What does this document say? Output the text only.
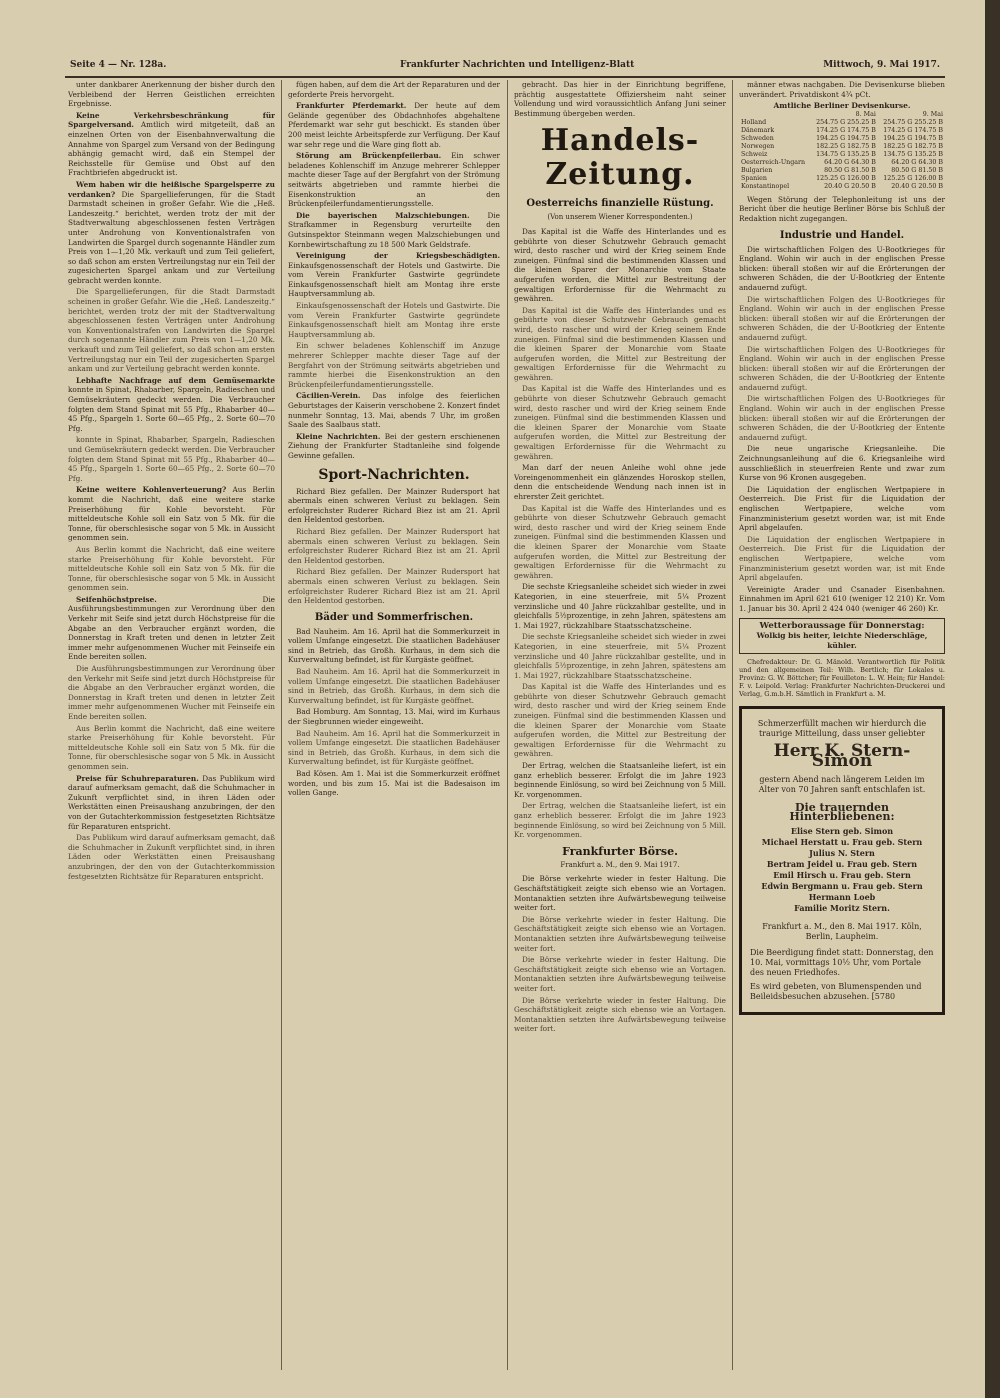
Seite 4 — Nr. 128a.	Frankfurter Nachrichten und Intelligenz-Blatt	Mittwoch, 9. Mai 1917.

unter dankbarer Anerkennung der bisher durch den Verbleibend der Herren Geistlichen erreichten Ergebnisse.

Keine Verkehrsbeschränkung für Spargelversand. Amtlich wird mitgeteilt, daß an einzelnen Orten von der Eisenbahnverwaltung die Annahme von Spargel zum Versand von der Bedingung abhängig gemacht wird, daß ein Stempel der Reichsstelle für Gemüse und Obst auf den Frachtbriefen abgedruckt ist.

Wem haben wir die heißische Spargelsperre zu verdanken? Die Spargellieferungen, für die Stadt Darmstadt scheinen in großer Gefahr. Wie die „Heß. Landeszeitg.“ berichtet, werden trotz der mit der Stadtverwaltung abgeschlossenen festen Verträgen unter Androhung von Konventionalstrafen von Landwirten die Spargel durch sogenannte Händler zum Preis von 1—1,20 Mk. verkauft und zum Teil geliefert, so daß schon am ersten Vertreilungstag nur ein Teil der zugesicherten Spargel ankam und zur Verteilung gebracht werden konnte.

Die Spargellieferungen, für die Stadt Darmstadt scheinen in großer Gefahr. Wie die „Heß. Landeszeitg.“ berichtet, werden trotz der mit der Stadtverwaltung abgeschlossenen festen Verträgen unter Androhung von Konventionalstrafen von Landwirten die Spargel durch sogenannte Händler zum Preis von 1—1,20 Mk. verkauft und zum Teil geliefert, so daß schon am ersten Vertreilungstag nur ein Teil der zugesicherten Spargel ankam und zur Verteilung gebracht werden konnte.

Lebhafte Nachfrage auf dem Gemüsemarkte konnte in Spinat, Rhabarber, Spargeln, Radieschen und Gemüsekräutern gedeckt werden. Die Verbraucher folgten dem Stand Spinat mit 55 Pfg., Rhabarber 40—45 Pfg., Spargeln 1. Sorte 60—65 Pfg., 2. Sorte 60—70 Pfg.

konnte in Spinat, Rhabarber, Spargeln, Radieschen und Gemüsekräutern gedeckt werden. Die Verbraucher folgten dem Stand Spinat mit 55 Pfg., Rhabarber 40—45 Pfg., Spargeln 1. Sorte 60—65 Pfg., 2. Sorte 60—70 Pfg.

Keine weitere Kohlenverteuerung? Aus Berlin kommt die Nachricht, daß eine weitere starke Preiserhöhung für Kohle bevorsteht. Für mitteldeutsche Kohle soll ein Satz von 5 Mk. für die Tonne, für oberschlesische sogar von 5 Mk. in Aussicht genommen sein.

Aus Berlin kommt die Nachricht, daß eine weitere starke Preiserhöhung für Kohle bevorsteht. Für mitteldeutsche Kohle soll ein Satz von 5 Mk. für die Tonne, für oberschlesische sogar von 5 Mk. in Aussicht genommen sein.

Seifenhöchstpreise.	Die Ausführungsbestimmungen zur Verordnung über den Verkehr mit Seife sind jetzt durch Höchstpreise für die Abgabe an den Verbraucher ergänzt worden, die Donnerstag in Kraft treten und denen in letzter Zeit immer mehr aufgenommenen Wucher mit Feinseife ein Ende bereiten sollen.

Die Ausführungsbestimmungen zur Verordnung über den Verkehr mit Seife sind jetzt durch Höchstpreise für die Abgabe an den Verbraucher ergänzt worden, die Donnerstag in Kraft treten und denen in letzter Zeit immer mehr aufgenommenen Wucher mit Feinseife ein Ende bereiten sollen.

Aus Berlin kommt die Nachricht, daß eine weitere starke Preiserhöhung für Kohle bevorsteht. Für mitteldeutsche Kohle soll ein Satz von 5 Mk. für die Tonne, für oberschlesische sogar von 5 Mk. in Aussicht genommen sein.

Preise für Schuhreparaturen. Das Publikum wird darauf aufmerksam gemacht, daß die Schuhmacher in Zukunft verpflichtet sind, in ihren Läden oder Werkstätten einen Preisaushang anzubringen, der den von der Gutachterkommission festgesetzten Richtsätze für Reparaturen entspricht.

Das Publikum wird darauf aufmerksam gemacht, daß die Schuhmacher in Zukunft verpflichtet sind, in ihren Läden oder Werkstätten einen Preisaushang anzubringen, der den von der Gutachterkommission festgesetzten Richtsätze für Reparaturen entspricht.

fügen haben, auf dem die Art der Reparaturen und der geforderte Preis hervorgeht.

Frankfurter Pferdemarkt. Der heute auf dem Gelände gegenüber des Obdachnhofes abgehaltene Pferdemarkt war sehr gut beschickt. Es standen über 200 meist leichte Arbeitspferde zur Verfügung. Der Kauf war sehr rege und die Ware ging flott ab.

Störung am Brückenpfeilerbau. Ein schwer beladenes Kohlenschiff im Anzuge mehrerer Schlepper machte dieser Tage auf der Bergfahrt von der Strömung seitwärts abgetrieben und rammte hierbei die Eisenkonstruktion an den Brückenpfeilerfundamentierungsstelle.

Die bayerischen Malzschiebungen. Die Strafkammer in Regensburg verurteilte den Gutsinspektor Steinmann wegen Malzschiebungen und Kornbewirtschaftung zu 18 500 Mark Geldstrafe.

Vereinigung der Kriegsbeschädigten. Einkaufsgenossenschaft der Hotels und Gastwirte. Die vom Verein Frankfurter Gastwirte gegründete Einkaufsgenossenschaft hielt am Montag ihre erste Hauptversammlung ab.

Einkaufsgenossenschaft der Hotels und Gastwirte. Die vom Verein Frankfurter Gastwirte gegründete Einkaufsgenossenschaft hielt am Montag ihre erste Hauptversammlung ab.

Ein schwer beladenes Kohlenschiff im Anzuge mehrerer Schlepper machte dieser Tage auf der Bergfahrt von der Strömung seitwärts abgetrieben und rammte hierbei die Eisenkonstruktion an den Brückenpfeilerfundamentierungsstelle.

Cäcilien-Verein. Das infolge des feierlichen Geburtstages der Kaiserin verschobene 2. Konzert findet nunmehr Sonntag, 13. Mai, abends 7 Uhr, im großen Saale des Saalbaus statt.

Kleine Nachrichten. Bei der gestern erschienenen Ziehung der Frankfurter Stadtanleihe sind folgende Gewinne gefallen.

Sport-Nachrichten.

Richard Biez gefallen. Der Mainzer Rudersport hat abermals einen schweren Verlust zu beklagen. Sein erfolgreichster Ruderer Richard Biez ist am 21. April den Heldentod gestorben.

Richard Biez gefallen. Der Mainzer Rudersport hat abermals einen schweren Verlust zu beklagen. Sein erfolgreichster Ruderer Richard Biez ist am 21. April den Heldentod gestorben.

Richard Biez gefallen. Der Mainzer Rudersport hat abermals einen schweren Verlust zu beklagen. Sein erfolgreichster Ruderer Richard Biez ist am 21. April den Heldentod gestorben.

Bäder und Sommerfrischen.

Bad Nauheim. Am 16. April hat die Sommerkurzeit in vollem Umfange eingesetzt. Die staatlichen Badehäuser sind in Betrieb, das Großh. Kurhaus, in dem sich die Kurverwaltung befindet, ist für Kurgäste geöffnet.

Bad Nauheim. Am 16. April hat die Sommerkurzeit in vollem Umfange eingesetzt. Die staatlichen Badehäuser sind in Betrieb, das Großh. Kurhaus, in dem sich die Kurverwaltung befindet, ist für Kurgäste geöffnet.

Bad Homburg. Am Sonntag, 13. Mai, wird im Kurhaus der Siegbrunnen wieder eingeweiht.

Bad Nauheim. Am 16. April hat die Sommerkurzeit in vollem Umfange eingesetzt. Die staatlichen Badehäuser sind in Betrieb, das Großh. Kurhaus, in dem sich die Kurverwaltung befindet, ist für Kurgäste geöffnet.

Bad Kösen. Am 1. Mai ist die Sommerkurzeit eröffnet worden, und bis zum 15. Mai ist die Badesaison im vollen Gange.

gebracht. Das hier in der Einrichtung begriffene, prächtig ausgestattete Offiziersheim naht seiner Vollendung und wird voraussichtlich Anfang Juni seiner Bestimmung übergeben werden.

Handels-Zeitung.
Oesterreichs finanzielle Rüstung.
(Von unserem Wiener Korrespondenten.)

Das Kapital ist die Waffe des Hinterlandes und es gebührte von dieser Schutzwehr Gebrauch gemacht wird, desto rascher und wird der Krieg seinem Ende zuneigen. Fünfmal sind die bestimmenden Klassen und die kleinen Sparer der Monarchie vom Staate aufgerufen worden, die Mittel zur Bestreitung der gewaltigen Erfordernisse für die Wehrmacht zu gewähren.

Das Kapital ist die Waffe des Hinterlandes und es gebührte von dieser Schutzwehr Gebrauch gemacht wird, desto rascher und wird der Krieg seinem Ende zuneigen. Fünfmal sind die bestimmenden Klassen und die kleinen Sparer der Monarchie vom Staate aufgerufen worden, die Mittel zur Bestreitung der gewaltigen Erfordernisse für die Wehrmacht zu gewähren.

Das Kapital ist die Waffe des Hinterlandes und es gebührte von dieser Schutzwehr Gebrauch gemacht wird, desto rascher und wird der Krieg seinem Ende zuneigen. Fünfmal sind die bestimmenden Klassen und die kleinen Sparer der Monarchie vom Staate aufgerufen worden, die Mittel zur Bestreitung der gewaltigen Erfordernisse für die Wehrmacht zu gewähren.

Man darf der neuen Anleihe wohl ohne jede Voreingenommenheit ein glänzendes Horoskop stellen, denn die entscheidende Wendung nach innen ist in ehrerster Zeit gerichtet.

Das Kapital ist die Waffe des Hinterlandes und es gebührte von dieser Schutzwehr Gebrauch gemacht wird, desto rascher und wird der Krieg seinem Ende zuneigen. Fünfmal sind die bestimmenden Klassen und die kleinen Sparer der Monarchie vom Staate aufgerufen worden, die Mittel zur Bestreitung der gewaltigen Erfordernisse für die Wehrmacht zu gewähren.

Die sechste Kriegsanleihe scheidet sich wieder in zwei Kategorien, in eine steuerfreie, mit 5¼ Prozent verzinsliche und 40 Jahre rückzahlbar gestellte, und in gleichfalls 5½prozentige, in zehn Jahren, spätestens am 1. Mai 1927, rückzahlbare Staatsschatzscheine.

Die sechste Kriegsanleihe scheidet sich wieder in zwei Kategorien, in eine steuerfreie, mit 5¼ Prozent verzinsliche und 40 Jahre rückzahlbar gestellte, und in gleichfalls 5½prozentige, in zehn Jahren, spätestens am 1. Mai 1927, rückzahlbare Staatsschatzscheine.

Das Kapital ist die Waffe des Hinterlandes und es gebührte von dieser Schutzwehr Gebrauch gemacht wird, desto rascher und wird der Krieg seinem Ende zuneigen. Fünfmal sind die bestimmenden Klassen und die kleinen Sparer der Monarchie vom Staate aufgerufen worden, die Mittel zur Bestreitung der gewaltigen Erfordernisse für die Wehrmacht zu gewähren.

Der Ertrag, welchen die Staatsanleihe liefert, ist ein ganz erheblich besserer. Erfolgt die im Jahre 1923 beginnende Einlösung, so wird bei Zeichnung von 5 Mill. Kr. vorgenommen.

Der Ertrag, welchen die Staatsanleihe liefert, ist ein ganz erheblich besserer. Erfolgt die im Jahre 1923 beginnende Einlösung, so wird bei Zeichnung von 5 Mill. Kr. vorgenommen.

Frankfurter Börse.
Frankfurt a. M., den 9. Mai 1917.

Die Börse verkehrte wieder in fester Haltung. Die Geschäftstätigkeit zeigte sich ebenso wie an Vortagen. Montanaktien setzten ihre Aufwärtsbewegung teilweise weiter fort.

Die Börse verkehrte wieder in fester Haltung. Die Geschäftstätigkeit zeigte sich ebenso wie an Vortagen. Montanaktien setzten ihre Aufwärtsbewegung teilweise weiter fort.

Die Börse verkehrte wieder in fester Haltung. Die Geschäftstätigkeit zeigte sich ebenso wie an Vortagen. Montanaktien setzten ihre Aufwärtsbewegung teilweise weiter fort.

Die Börse verkehrte wieder in fester Haltung. Die Geschäftstätigkeit zeigte sich ebenso wie an Vortagen. Montanaktien setzten ihre Aufwärtsbewegung teilweise weiter fort.

männer etwas nachgaben. Die Devisenkurse blieben unverändert. Privatdiskont 4¾ pCt.

Amtliche Berliner Devisenkurse.
	8. Mai	9. Mai
Holland	254.75 G 255.25 B	254.75 G 255.25 B
Dänemark	174.25 G 174.75 B	174.25 G 174.75 B
Schweden	194.25 G 194.75 B	194.25 G 194.75 B
Norwegen	182.25 G 182.75 B	182.25 G 182.75 B
Schweiz	134.75 G 135.25 B	134.75 G 135.25 B
Oesterreich-Ungarn	64.20 G 64.30 B	64.20 G 64.30 B
Bulgarien	80.50 G 81.50 B	80.50 G 81.50 B
Spanien	125.25 G 126.00 B	125.25 G 126.00 B
Konstantinopel	20.40 G 20.50 B	20.40 G 20.50 B

Wegen Störung der Telephonleitung ist uns der Bericht über die heutige Berliner Börse bis Schluß der Redaktion nicht zugegangen.

Industrie und Handel.

Die wirtschaftlichen Folgen des U-Bootkrieges für England. Wohin wir auch in der englischen Presse blicken: überall stoßen wir auf die Erörterungen der schweren Schäden, die der U-Bootkrieg der Entente andauernd zufügt.

Die wirtschaftlichen Folgen des U-Bootkrieges für England. Wohin wir auch in der englischen Presse blicken: überall stoßen wir auf die Erörterungen der schweren Schäden, die der U-Bootkrieg der Entente andauernd zufügt.

Die wirtschaftlichen Folgen des U-Bootkrieges für England. Wohin wir auch in der englischen Presse blicken: überall stoßen wir auf die Erörterungen der schweren Schäden, die der U-Bootkrieg der Entente andauernd zufügt.

Die wirtschaftlichen Folgen des U-Bootkrieges für England. Wohin wir auch in der englischen Presse blicken: überall stoßen wir auf die Erörterungen der schweren Schäden, die der U-Bootkrieg der Entente andauernd zufügt.

Die neue ungarische Kriegsanleihe. Die Zeichnungsanleihung auf die 6. Kriegsanleihe wird ausschließlich in steuerfreien Rente und zwar zum Kurse von 96 Kronen ausgegeben.

Die Liquidation der englischen Wertpapiere in Oesterreich. Die Frist für die Liquidation der englischen Wertpapiere, welche vom Finanzministerium gesetzt worden war, ist mit Ende April abgelaufen.

Die Liquidation der englischen Wertpapiere in Oesterreich. Die Frist für die Liquidation der englischen Wertpapiere, welche vom Finanzministerium gesetzt worden war, ist mit Ende April abgelaufen.

Vereinigte Arader und Csanader Eisenbahnen. Einnahmen im April 621 610 (weniger 12 210) Kr. Vom 1. Januar bis 30. April 2 424 040 (weniger 46 260) Kr.

Wetterboraussage für Donnerstag:
Wolkig bis heiter, leichte Niederschläge, kühler.

Chefredakteur: Dr. G. Mänold. Verantwortlich für Politik und den allgemeinen Teil: Wilh. Bertlich; für Lokales u. Provinz: G. W. Böttcher; für Feuilleton: L. W. Hein; für Handel: F. v. Leipold. Verlag: Frankfurter Nachrichten-Druckerei und Verlag, G.m.b.H. Sämtlich in Frankfurt a. M.

Schmerzerfüllt machen wir hierdurch die traurige Mitteilung, dass unser geliebter
Herr K. Stern-Simon
gestern Abend nach längerem Leiden im Alter von 70 Jahren sanft entschlafen ist.
Die trauernden Hinterbliebenen:
Elise Stern geb. Simon
Michael Herstatt u. Frau geb. Stern
Julius N. Stern
Bertram Jeidel u. Frau geb. Stern
Emil Hirsch u. Frau geb. Stern
Edwin Bergmann u. Frau geb. Stern
Hermann Loeb
Familie Moritz Stern.
Frankfurt a. M., den 8. Mai 1917. Köln, Berlin, Laupheim.
Die Beerdigung findet statt: Donnerstag, den 10. Mai, vormittags 10½ Uhr, vom Portale des neuen Friedhofes.
Es wird gebeten, von Blumenspenden und Beileidsbesuchen abzusehen. [5780
